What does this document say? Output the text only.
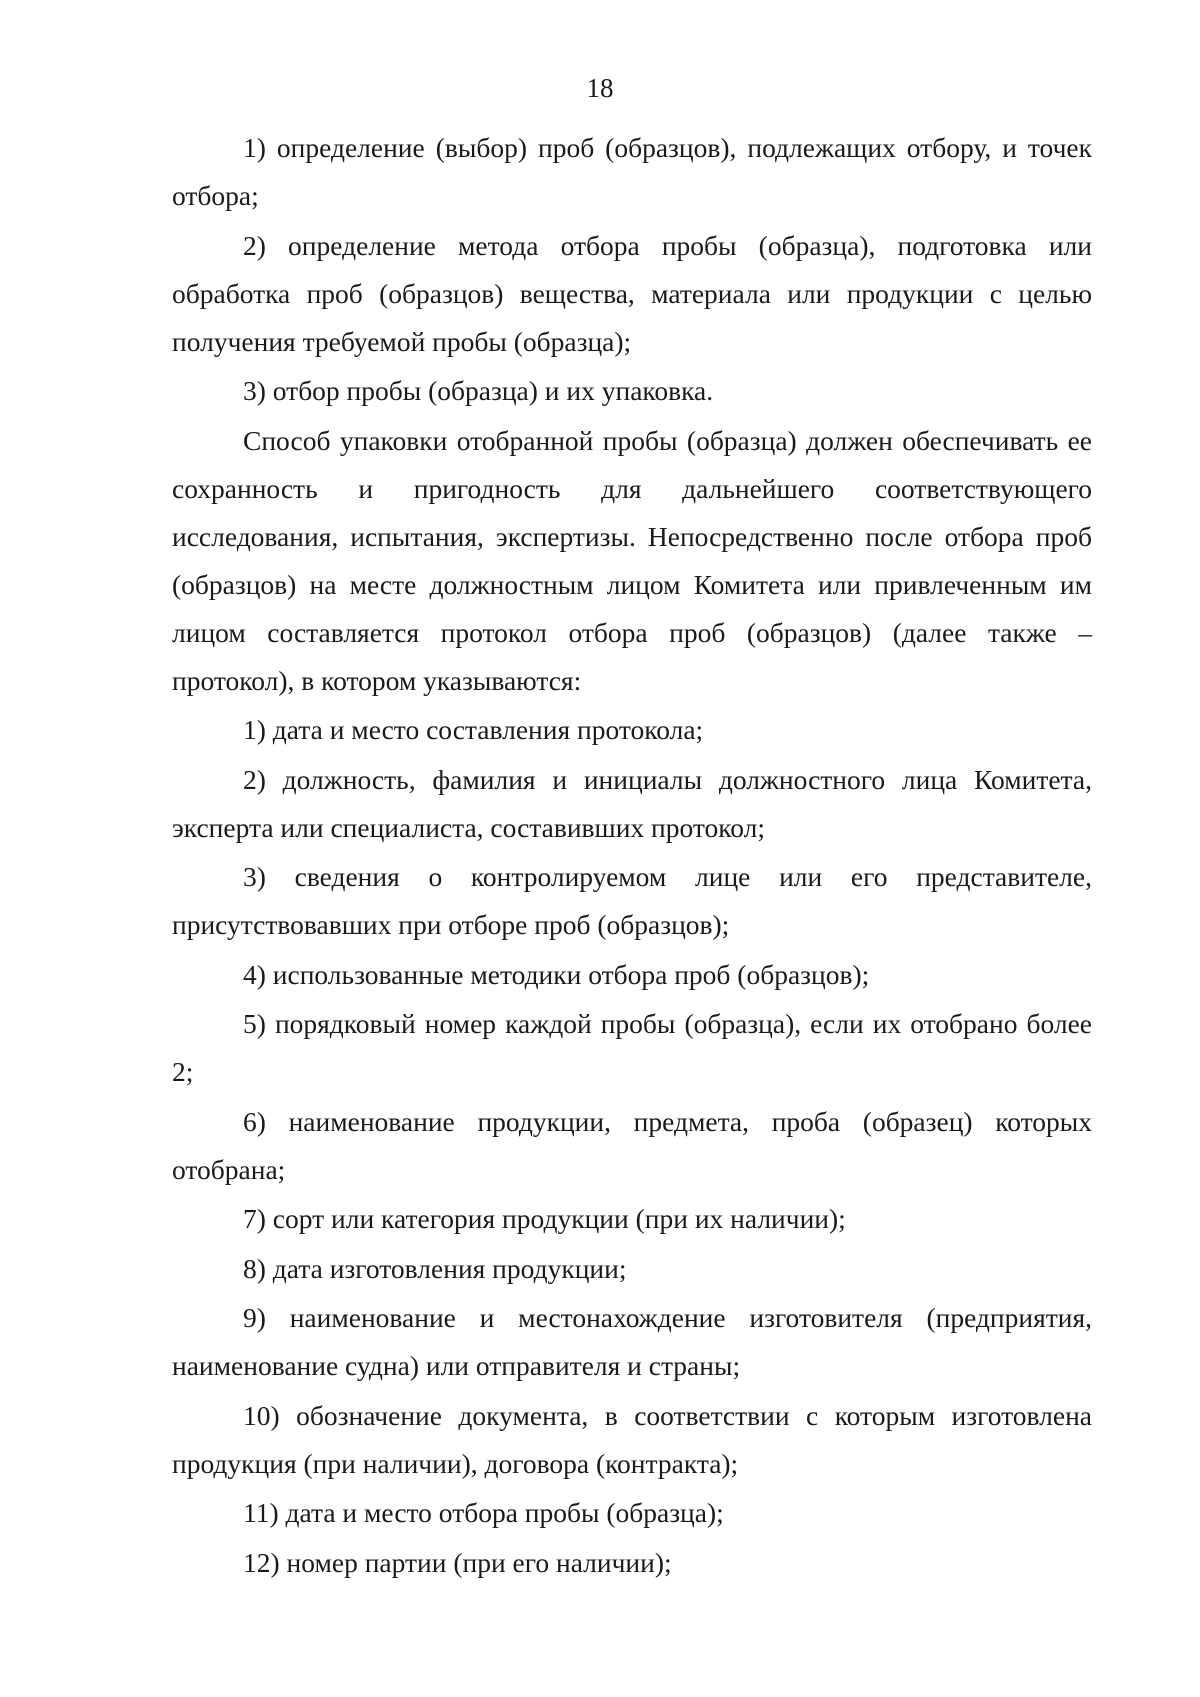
18

1) определение (выбор) проб (образцов), подлежащих отбору, и точек отбора;

2) определение метода отбора пробы (образца), подготовка или обработка проб (образцов) вещества, материала или продукции с целью получения требуемой пробы (образца);

3) отбор пробы (образца) и их упаковка.

Способ упаковки отобранной пробы (образца) должен обеспечивать ее сохранность и пригодность для дальнейшего соответствующего исследования, испытания, экспертизы. Непосредственно после отбора проб (образцов) на месте должностным лицом Комитета или привлеченным им лицом составляется протокол отбора проб (образцов) (далее также – протокол), в котором указываются:

1) дата и место составления протокола;

2) должность, фамилия и инициалы должностного лица Комитета, эксперта или специалиста, составивших протокол;

3) сведения о контролируемом лице или его представителе, присутствовавших при отборе проб (образцов);

4) использованные методики отбора проб (образцов);

5) порядковый номер каждой пробы (образца), если их отобрано более 2;

6) наименование продукции, предмета, проба (образец) которых отобрана;

7) сорт или категория продукции (при их наличии);

8) дата изготовления продукции;

9) наименование и местонахождение изготовителя (предприятия, наименование судна) или отправителя и страны;

10) обозначение документа, в соответствии с которым изготовлена продукция (при наличии), договора (контракта);

11) дата и место отбора пробы (образца);

12) номер партии (при его наличии);
